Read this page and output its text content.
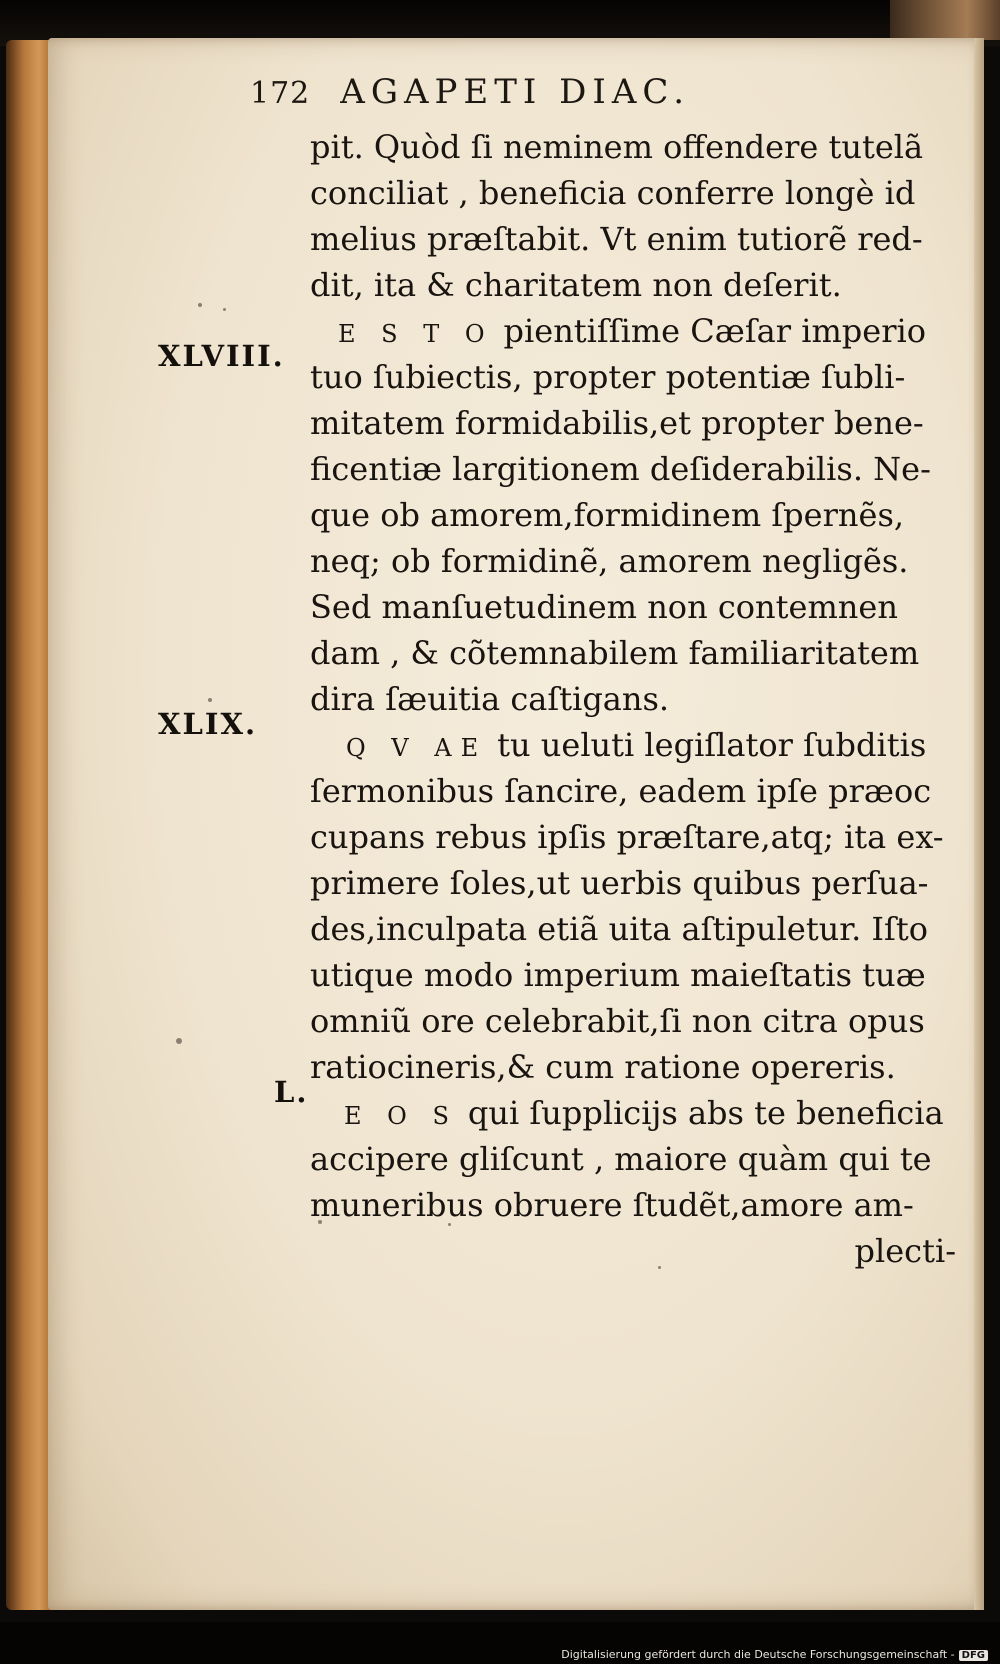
172 AGAPETI DIAC.
XLVIII.
XLIX.
L.
pit. Quòd ſi neminem offendere tutelã
conciliat , beneficia conferre longè id
melius præſtabit. Vt enim tutiorẽ red-
dit, ita & charitatem non deſerit.
E S T O pientiſſime Cæſar imperio
tuo ſubiectis, propter potentiæ ſubli-
mitatem formidabilis,et propter bene-
ficentiæ largitionem deſiderabilis. Ne-
que ob amorem,formidinem ſpernẽs,
neq; ob formidinẽ, amorem negligẽs.
Sed manſuetudinem non contemnen
dam , & cõtemnabilem familiaritatem
dira ſæuitia caſtigans.
Q V AE tu ueluti legiſlator ſubditis
ſermonibus ſancire, eadem ipſe præoc
cupans rebus ipſis præſtare,atq; ita ex-
primere ſoles,ut uerbis quibus perſua-
des,inculpata etiã uita aſtipuletur. Iſto
utique modo imperium maieſtatis tuæ
omniũ ore celebrabit,ſi non citra opus
ratiocineris,& cum ratione opereris.
E O S qui ſupplicijs abs te beneficia
accipere gliſcunt , maiore quàm qui te
muneribus obruere ſtudẽt,amore am-
plecti-
Digitalisierung gefördert durch die Deutsche Forschungsgemeinschaft - DFG
